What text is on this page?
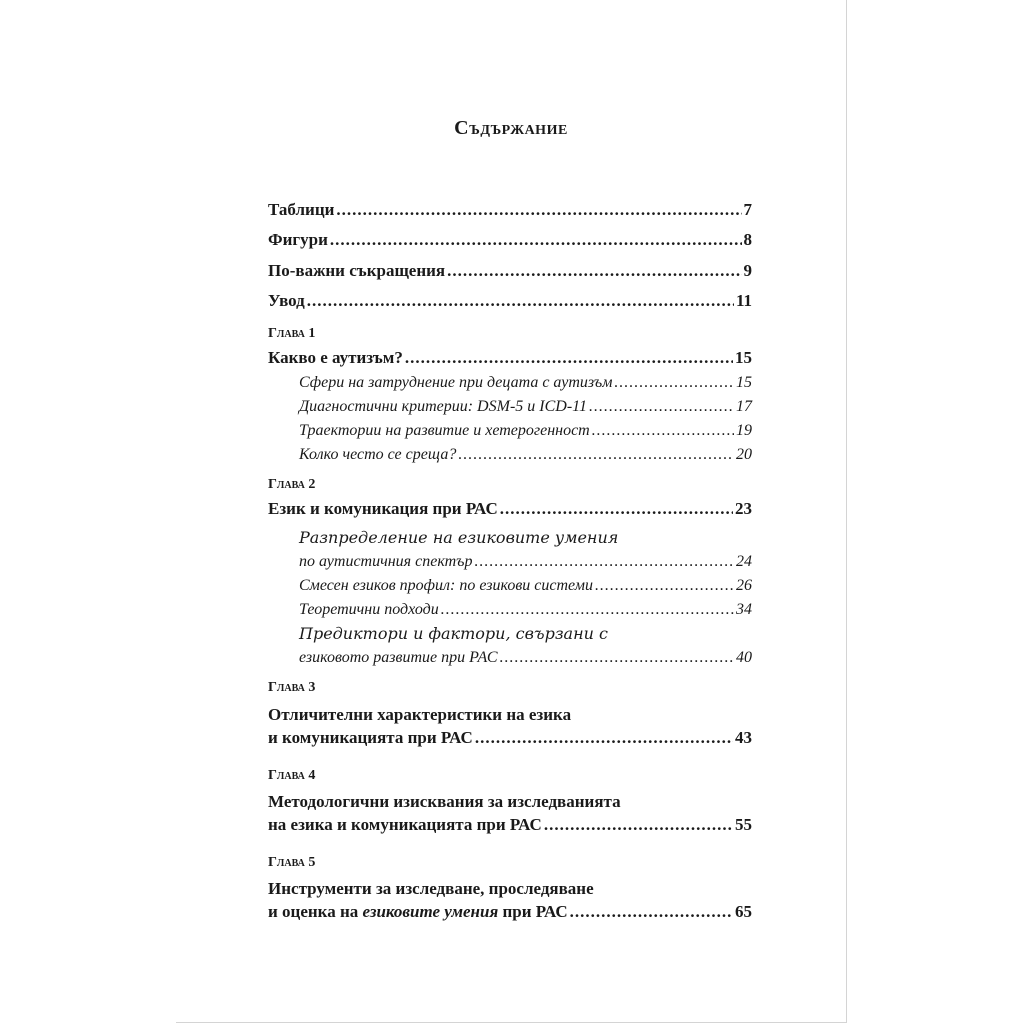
Съдържание
Таблици .....	7
Фигури .....	8
По-важни съкращения .....	9
Увод .....	11
Глава 1
Какво е аутизъм? .....	15
Сфери на затруднение при децата с аутизъм .....	15
Диагностични критерии: DSM-5 и ICD-11 .....	17
Траектории на развитие и хетерогенност .....	19
Колко често се среща? .....	20
Глава 2
Език и комуникация при РАС .....	23
Разпределение на езиковите умения
по аутистичния спектър .....	24
Смесен езиков профил: по езикови системи .....	26
Теоретични подходи .....	34
Предиктори и фактори, свързани с
езиковото развитие при РАС .....	40
Глава 3
Отличителни характеристики на езика
и комуникацията при РАС .....	43
Глава 4
Методологични изисквания за изследванията
на езика и комуникацията при РАС .....	55
Глава 5
Инструменти за изследване, проследяване
и оценка на езиковите умения при РАС .....	65
